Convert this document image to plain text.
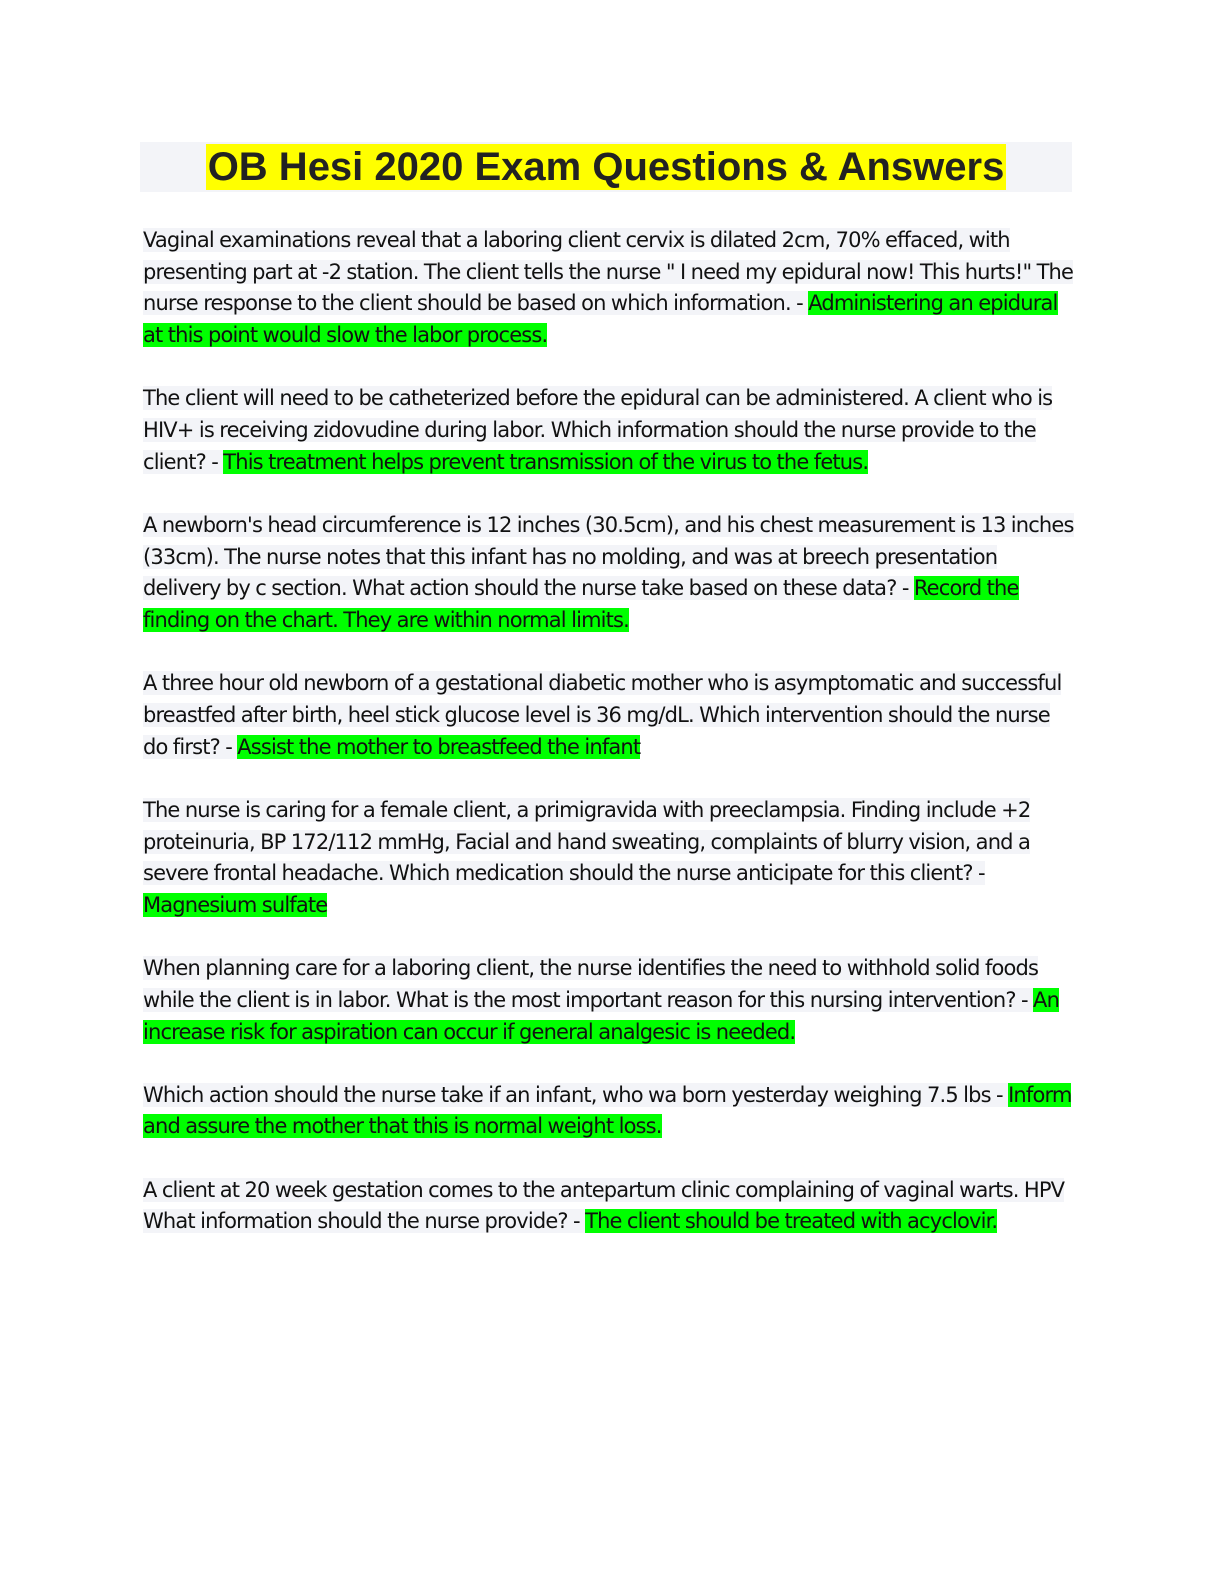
OB Hesi 2020 Exam Questions & Answers

Vaginal examinations reveal that a laboring client cervix is dilated 2cm, 70% effaced, with presenting part at -2 station. The client tells the nurse " I need my epidural now! This hurts!" The nurse response to the client should be based on which information. - Administering an epidural at this point would slow the labor process.

The client will need to be catheterized before the epidural can be administered. A client who is HIV+ is receiving zidovudine during labor. Which information should the nurse provide to the client? - This treatment helps prevent transmission of the virus to the fetus.

A newborn's head circumference is 12 inches (30.5cm), and his chest measurement is 13 inches (33cm). The nurse notes that this infant has no molding, and was at breech presentation delivery by c section. What action should the nurse take based on these data? - Record the finding on the chart. They are within normal limits.

A three hour old newborn of a gestational diabetic mother who is asymptomatic and successful breastfed after birth, heel stick glucose level is 36 mg/dL. Which intervention should the nurse do first? - Assist the mother to breastfeed the infant

The nurse is caring for a female client, a primigravida with preeclampsia. Finding include +2 proteinuria, BP 172/112 mmHg, Facial and hand sweating, complaints of blurry vision, and a severe frontal headache. Which medication should the nurse anticipate for this client? - Magnesium sulfate

When planning care for a laboring client, the nurse identifies the need to withhold solid foods while the client is in labor. What is the most important reason for this nursing intervention? - An increase risk for aspiration can occur if general analgesic is needed.

Which action should the nurse take if an infant, who wa born yesterday weighing 7.5 lbs - Inform and assure the mother that this is normal weight loss.

A client at 20 week gestation comes to the antepartum clinic complaining of vaginal warts. HPV What information should the nurse provide? - The client should be treated with acyclovir.
